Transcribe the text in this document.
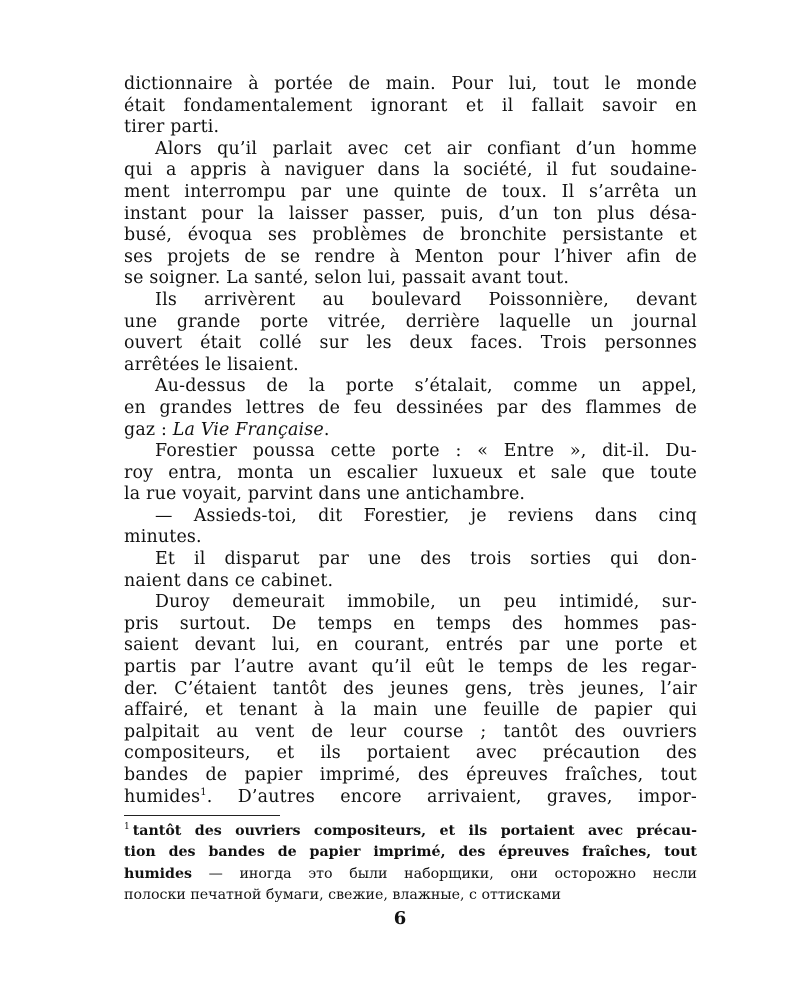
dictionnaire à portée de main. Pour lui, tout le monde
était fondamentalement ignorant et il fallait savoir en
tirer parti.
Alors qu’il parlait avec cet air confiant d’un homme
qui a appris à naviguer dans la société, il fut soudaine-
ment interrompu par une quinte de toux. Il s’arrêta un
instant pour la laisser passer, puis, d’un ton plus désa-
busé, évoqua ses problèmes de bronchite persistante et
ses projets de se rendre à Menton pour l’hiver afin de
se soigner. La santé, selon lui, passait avant tout.
Ils arrivèrent au boulevard Poissonnière, devant
une grande porte vitrée, derrière laquelle un journal
ouvert était collé sur les deux faces. Trois personnes
arrêtées le lisaient.
Au-dessus de la porte s’étalait, comme un appel,
en grandes lettres de feu dessinées par des flammes de
gaz : La Vie Française.
Forestier poussa cette porte : « Entre », dit-il. Du-
roy entra, monta un escalier luxueux et sale que toute
la rue voyait, parvint dans une antichambre.
— Assieds-toi, dit Forestier, je reviens dans cinq
minutes.
Et il disparut par une des trois sorties qui don-
naient dans ce cabinet.
Duroy demeurait immobile, un peu intimidé, sur-
pris surtout. De temps en temps des hommes pas-
saient devant lui, en courant, entrés par une porte et
partis par l’autre avant qu’il eût le temps de les regar-
der. C’étaient tantôt des jeunes gens, très jeunes, l’air
affairé, et tenant à la main une feuille de papier qui
palpitait au vent de leur course ; tantôt des ouvriers
compositeurs, et ils portaient avec précaution des
bandes de papier imprimé, des épreuves fraîches, tout
humides$^1$. D’autres encore arrivaient, graves, impor-
$^1$ tantôt des ouvriers compositeurs, et ils portaient avec précau-
tion des bandes de papier imprimé, des épreuves fraîches, tout
humides — иногда это были наборщики, они осторожно несли
полоски печатной бумаги, свежие, влажные, с оттисками
6
